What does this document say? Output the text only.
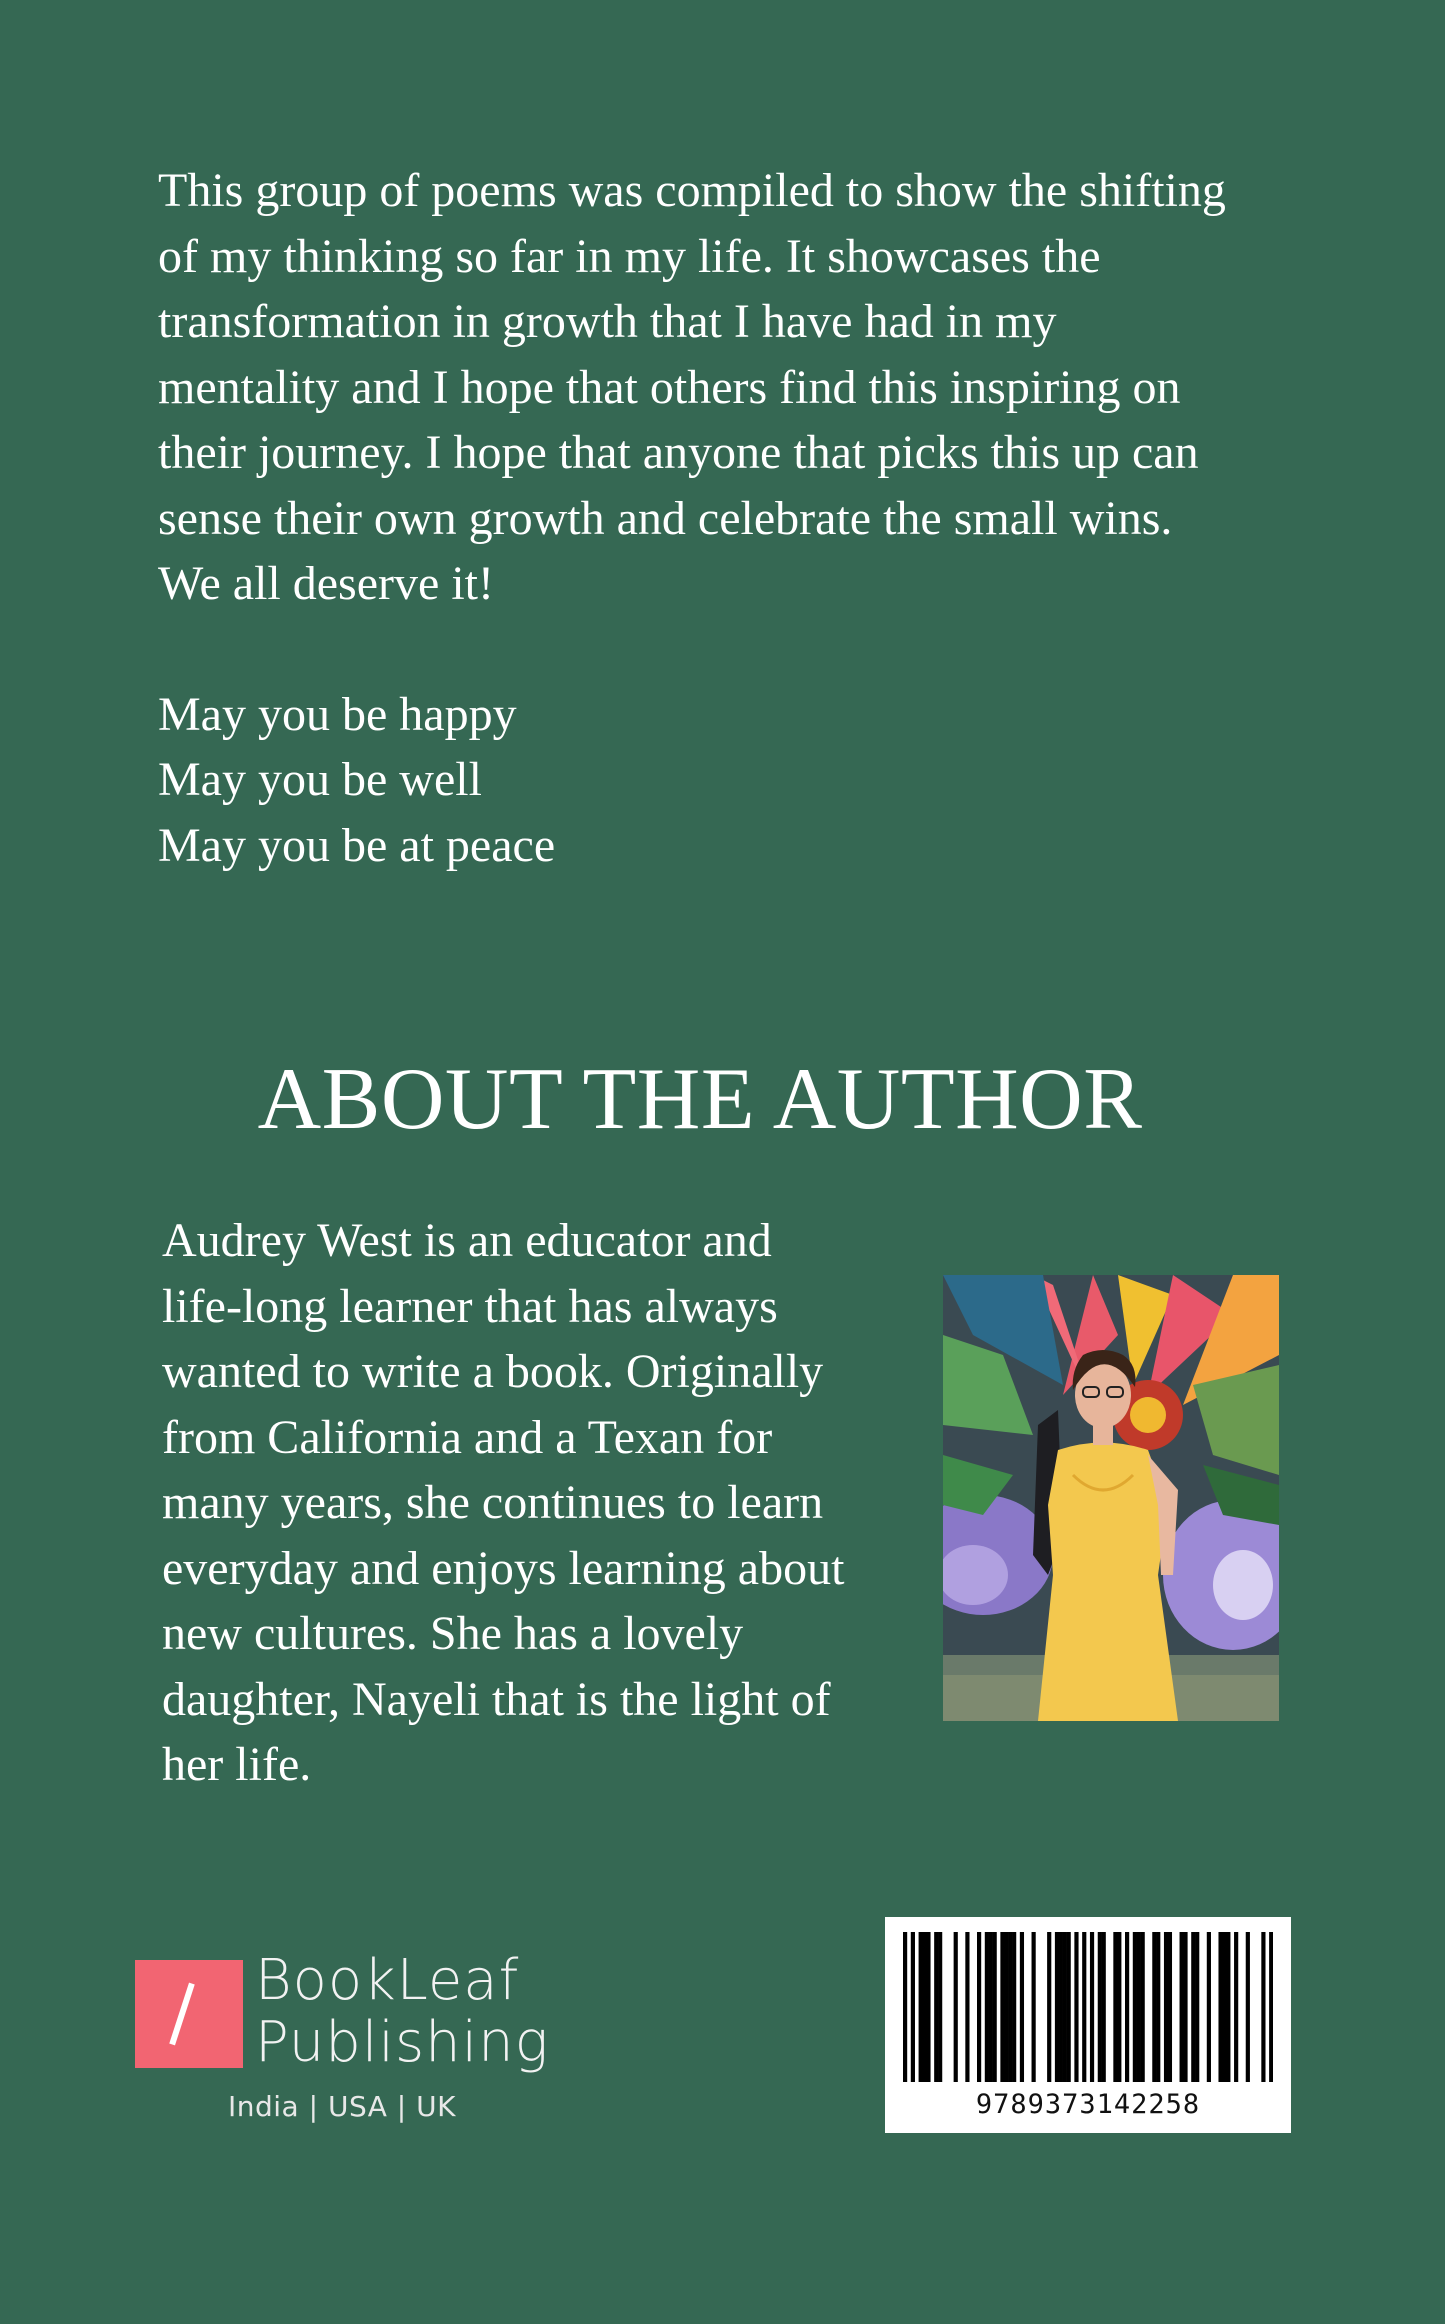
This group of poems was compiled to show the shifting
of my thinking so far in my life. It showcases the
transformation in growth that I have had in my
mentality and I hope that others find this inspiring on
their journey. I hope that anyone that picks this up can
sense their own growth and celebrate the small wins.
We all deserve it!

May you be happy
May you be well
May you be at peace

ABOUT THE AUTHOR
Audrey West is an educator and
life-long learner that has always
wanted to write a book. Originally
from California and a Texan for
many years, she continues to learn
everyday and enjoys learning about
new cultures. She has a lovely
daughter, Nayeli that is the light of
her life.
BookLeaf
Publishing
India | USA | UK	9789373142258
